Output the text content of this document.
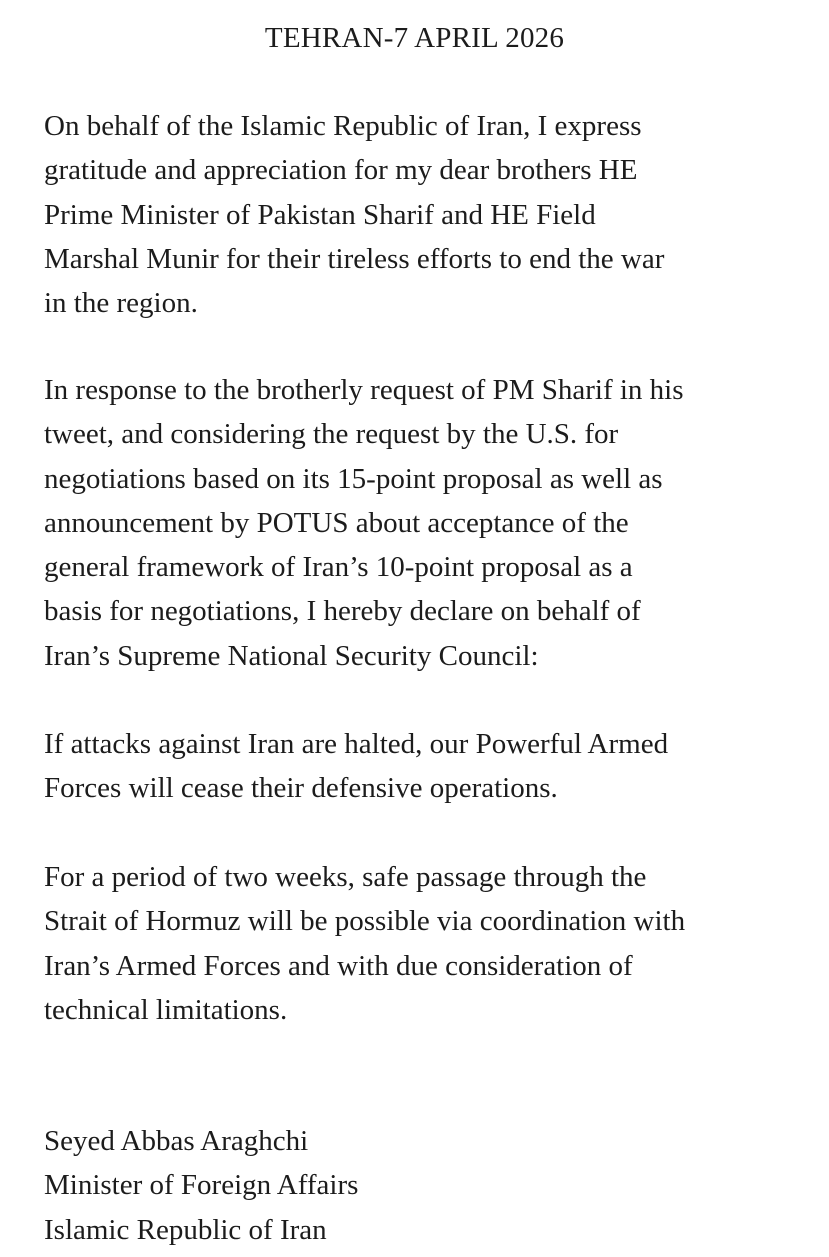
TEHRAN-7 APRIL 2026
On behalf of the Islamic Republic of Iran, I express
gratitude and appreciation for my dear brothers HE
Prime Minister of Pakistan Sharif and HE Field
Marshal Munir for their tireless efforts to end the war
in the region.
In response to the brotherly request of PM Sharif in his
tweet, and considering the request by the U.S. for
negotiations based on its 15-point proposal as well as
announcement by POTUS about acceptance of the
general framework of Iran’s 10-point proposal as a
basis for negotiations, I hereby declare on behalf of
Iran’s Supreme National Security Council:
If attacks against Iran are halted, our Powerful Armed
Forces will cease their defensive operations.
For a period of two weeks, safe passage through the
Strait of Hormuz will be possible via coordination with
Iran’s Armed Forces and with due consideration of
technical limitations.
Seyed Abbas Araghchi
Minister of Foreign Affairs
Islamic Republic of Iran
